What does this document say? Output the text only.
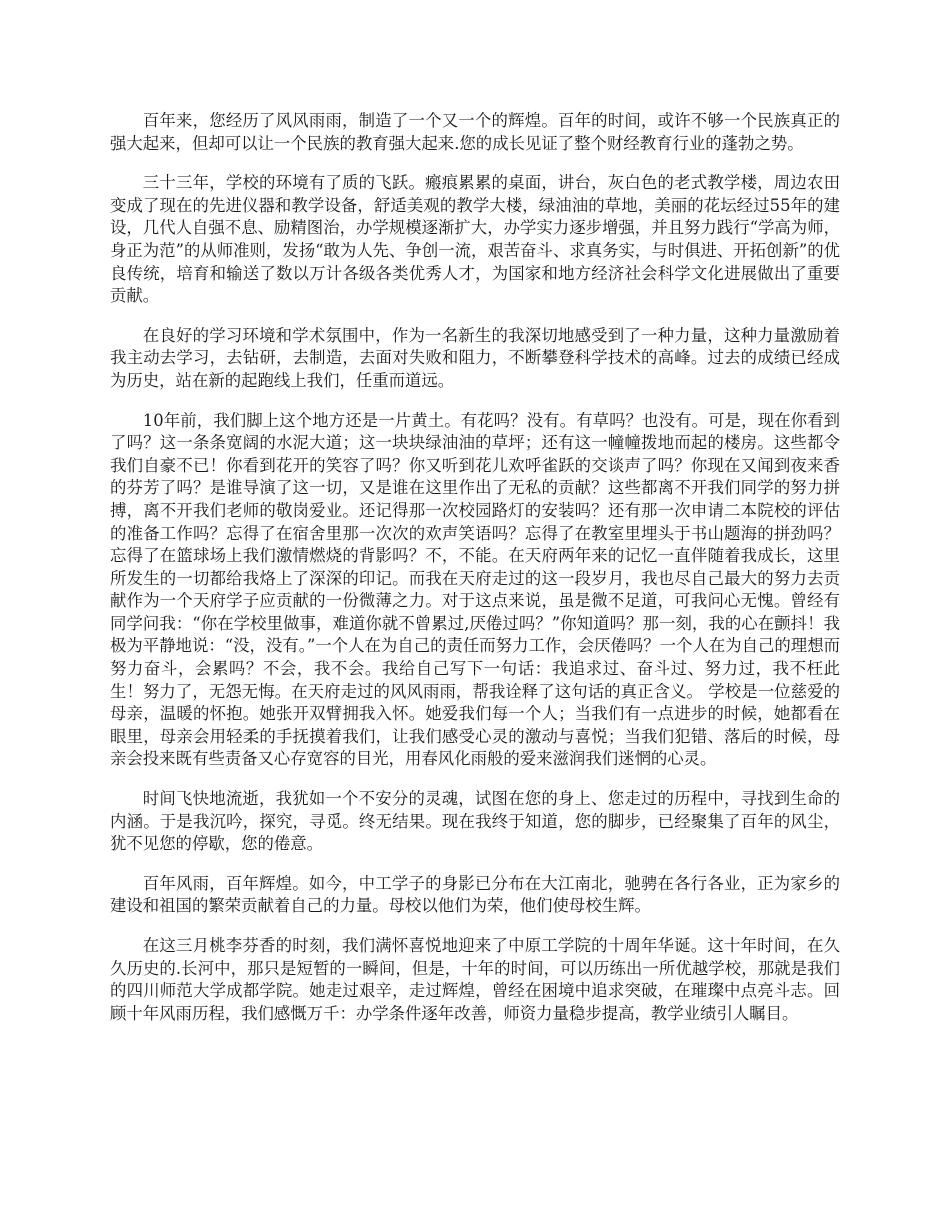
百年来，您经历了风风雨雨，制造了一个又一个的辉煌。百年的时间，或许不够一个民族真正的强大起来，但却可以让一个民族的教育强大起来.您的成长见证了整个财经教育行业的蓬勃之势。

三十三年，学校的环境有了质的飞跃。瘢痕累累的桌面，讲台，灰白色的老式教学楼，周边农田变成了现在的先进仪器和教学设备，舒适美观的教学大楼，绿油油的草地，美丽的花坛经过55年的建设，几代人自强不息、励精图治，办学规模逐渐扩大，办学实力逐步增强，并且努力践行“学高为师，身正为范”的从师准则，发扬“敢为人先、争创一流，艰苦奋斗、求真务实，与时俱进、开拓创新”的优良传统，培育和输送了数以万计各级各类优秀人才，为国家和地方经济社会科学文化进展做出了重要贡献。

在良好的学习环境和学术氛围中，作为一名新生的我深切地感受到了一种力量，这种力量激励着我主动去学习，去钻研，去制造，去面对失败和阻力，不断攀登科学技术的高峰。过去的成绩已经成为历史，站在新的起跑线上我们，任重而道远。

10年前，我们脚上这个地方还是一片黄土。有花吗？没有。有草吗？也没有。可是，现在你看到了吗？这一条条宽阔的水泥大道；这一块块绿油油的草坪；还有这一幢幢拨地而起的楼房。这些都令我们自豪不已！你看到花开的笑容了吗？你又听到花儿欢呼雀跃的交谈声了吗？你现在又闻到夜来香的芬芳了吗？是谁导演了这一切，又是谁在这里作出了无私的贡献？这些都离不开我们同学的努力拼搏，离不开我们老师的敬岗爱业。还记得那一次校园路灯的安装吗？还有那一次申请二本院校的评估的准备工作吗？忘得了在宿舍里那一次次的欢声笑语吗？忘得了在教室里埋头于书山题海的拼劲吗？忘得了在篮球场上我们激情燃烧的背影吗？不，不能。在天府两年来的记忆一直伴随着我成长，这里所发生的一切都给我烙上了深深的印记。而我在天府走过的这一段岁月，我也尽自己最大的努力去贡献作为一个天府学子应贡献的一份微薄之力。对于这点来说，虽是微不足道，可我问心无愧。曾经有同学问我：“你在学校里做事，难道你就不曾累过,厌倦过吗？”你知道吗？那一刻，我的心在颤抖！我极为平静地说：“没，没有。”一个人在为自己的责任而努力工作，会厌倦吗？一个人在为自己的理想而努力奋斗，会累吗？不会，我不会。我给自己写下一句话：我追求过、奋斗过、努力过，我不枉此生！努力了，无怨无悔。在天府走过的风风雨雨，帮我诠释了这句话的真正含义。 学校是一位慈爱的母亲，温暖的怀抱。她张开双臂拥我入怀。她爱我们每一个人；当我们有一点进步的时候，她都看在眼里，母亲会用轻柔的手抚摸着我们，让我们感受心灵的激动与喜悦；当我们犯错、落后的时候，母亲会投来既有些责备又心存宽容的目光，用春风化雨般的爱来滋润我们迷惘的心灵。

时间飞快地流逝，我犹如一个不安分的灵魂，试图在您的身上、您走过的历程中，寻找到生命的内涵。于是我沉吟，探究，寻觅。终无结果。现在我终于知道，您的脚步，已经聚集了百年的风尘，犹不见您的停歇，您的倦意。

百年风雨，百年辉煌。如今，中工学子的身影已分布在大江南北，驰骋在各行各业，正为家乡的建设和祖国的繁荣贡献着自己的力量。母校以他们为荣，他们使母校生辉。

在这三月桃李芬香的时刻，我们满怀喜悦地迎来了中原工学院的十周年华诞。这十年时间，在久久历史的.长河中，那只是短暂的一瞬间，但是，十年的时间，可以历练出一所优越学校，那就是我们的四川师范大学成都学院。她走过艰辛，走过辉煌，曾经在困境中追求突破，在璀璨中点亮斗志。回顾十年风雨历程，我们感慨万千：办学条件逐年改善，师资力量稳步提高，教学业绩引人瞩目。
